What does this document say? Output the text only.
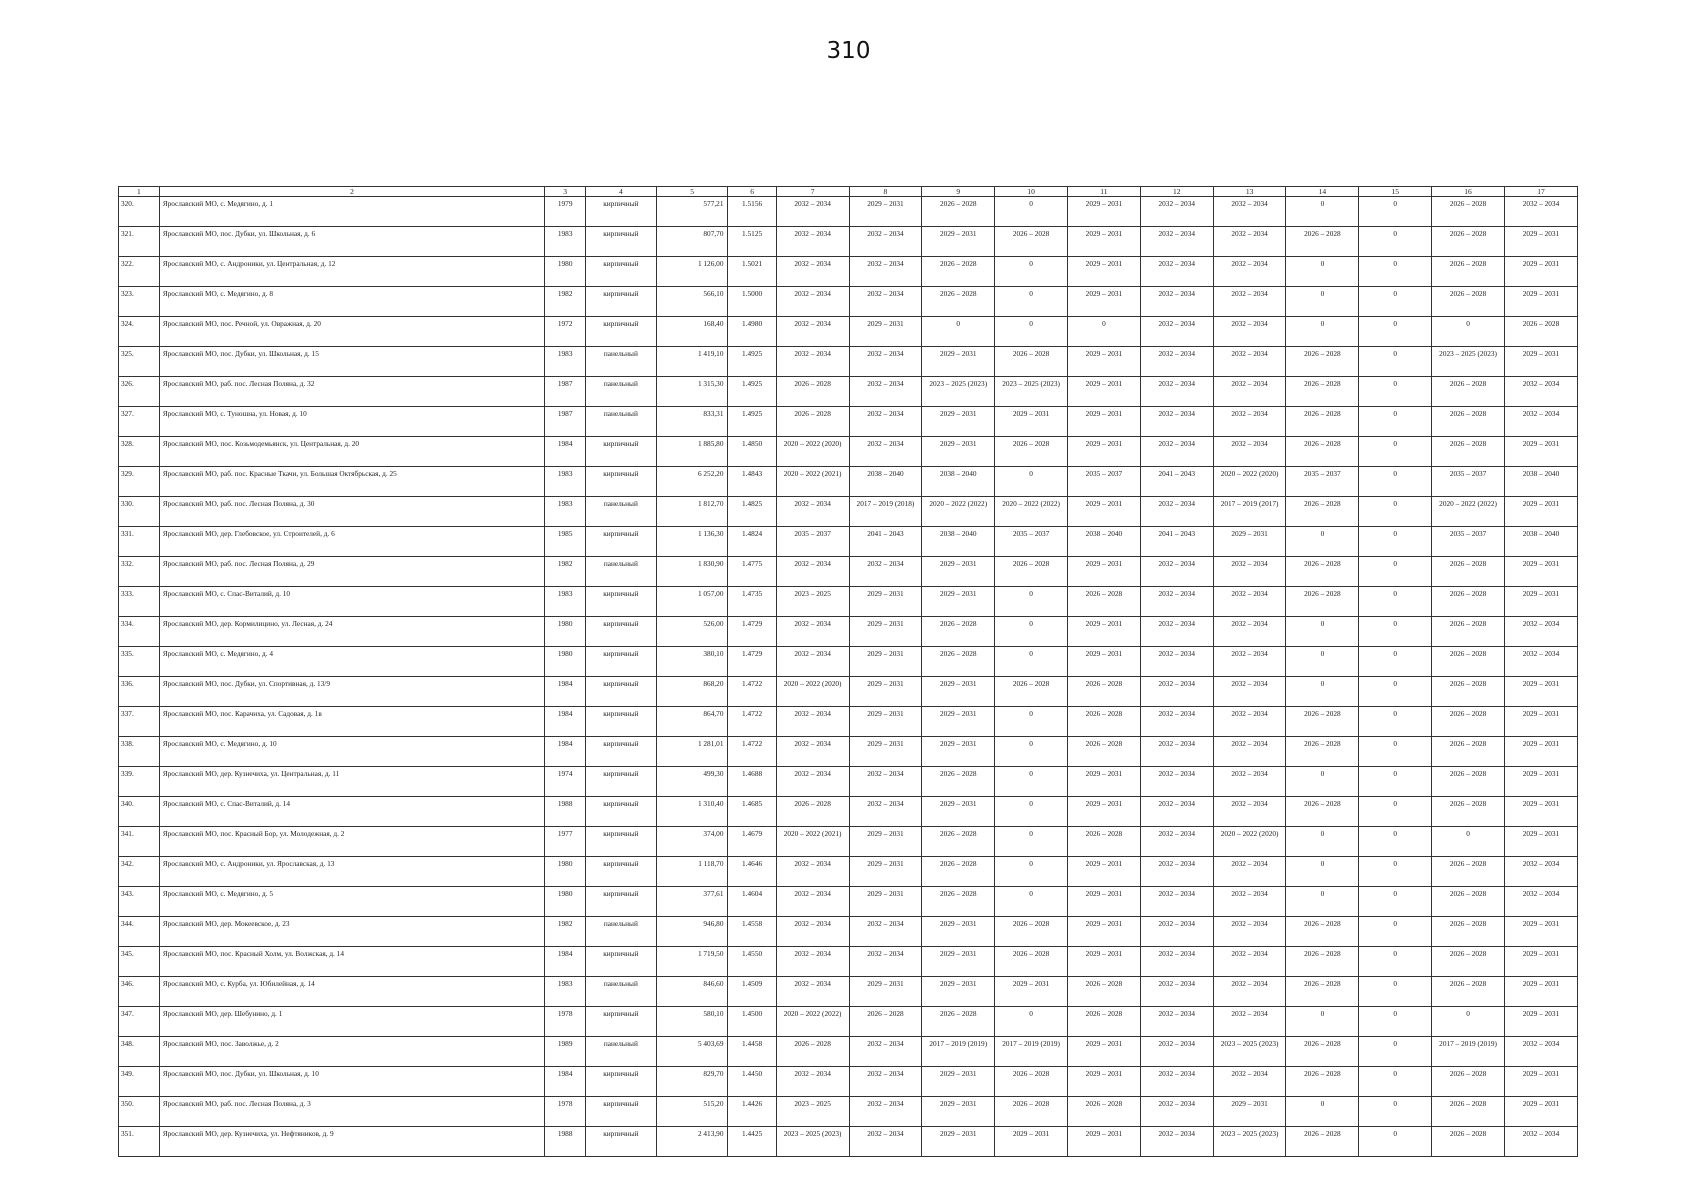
310
1	2	3	4	5	6	7	8	9	10	11	12	13	14	15	16	17
320.	Ярославский МО, с. Медягино, д. 1	1979	кирпичный	577,21	1.5156	2032 – 2034	2029 – 2031	2026 – 2028	0	2029 – 2031	2032 – 2034	2032 – 2034	0	0	2026 – 2028	2032 – 2034
321.	Ярославский МО, пос. Дубки, ул. Школьная, д. 6	1983	кирпичный	807,70	1.5125	2032 – 2034	2032 – 2034	2029 – 2031	2026 – 2028	2029 – 2031	2032 – 2034	2032 – 2034	2026 – 2028	0	2026 – 2028	2029 – 2031
322.	Ярославский МО, с. Андроники, ул. Центральная, д. 12	1980	кирпичный	1 126,00	1.5021	2032 – 2034	2032 – 2034	2026 – 2028	0	2029 – 2031	2032 – 2034	2032 – 2034	0	0	2026 – 2028	2029 – 2031
323.	Ярославский МО, с. Медягино, д. 8	1982	кирпичный	566,10	1.5000	2032 – 2034	2032 – 2034	2026 – 2028	0	2029 – 2031	2032 – 2034	2032 – 2034	0	0	2026 – 2028	2029 – 2031
324.	Ярославский МО, пос. Речной, ул. Овражная, д. 20	1972	кирпичный	168,40	1.4980	2032 – 2034	2029 – 2031	0	0	0	2032 – 2034	2032 – 2034	0	0	0	2026 – 2028
325.	Ярославский МО, пос. Дубки, ул. Школьная, д. 15	1983	панельный	1 419,10	1.4925	2032 – 2034	2032 – 2034	2029 – 2031	2026 – 2028	2029 – 2031	2032 – 2034	2032 – 2034	2026 – 2028	0	2023 – 2025 (2023)	2029 – 2031
326.	Ярославский МО, раб. пос. Лесная Поляна, д. 32	1987	панельный	1 315,30	1.4925	2026 – 2028	2032 – 2034	2023 – 2025 (2023)	2023 – 2025 (2023)	2029 – 2031	2032 – 2034	2032 – 2034	2026 – 2028	0	2026 – 2028	2032 – 2034
327.	Ярославский МО, с. Туношна, ул. Новая, д. 10	1987	панельный	833,31	1.4925	2026 – 2028	2032 – 2034	2029 – 2031	2029 – 2031	2029 – 2031	2032 – 2034	2032 – 2034	2026 – 2028	0	2026 – 2028	2032 – 2034
328.	Ярославский МО, пос. Козьмодемьянск, ул. Центральная, д. 20	1984	кирпичный	1 885,80	1.4850	2020 – 2022 (2020)	2032 – 2034	2029 – 2031	2026 – 2028	2029 – 2031	2032 – 2034	2032 – 2034	2026 – 2028	0	2026 – 2028	2029 – 2031
329.	Ярославский МО, раб. пос. Красные Ткачи, ул. Большая Октябрьская, д. 25	1983	кирпичный	6 252,20	1.4843	2020 – 2022 (2021)	2038 – 2040	2038 – 2040	0	2035 – 2037	2041 – 2043	2020 – 2022 (2020)	2035 – 2037	0	2035 – 2037	2038 – 2040
330.	Ярославский МО, раб. пос. Лесная Поляна, д. 30	1983	панельный	1 812,70	1.4825	2032 – 2034	2017 – 2019 (2018)	2020 – 2022 (2022)	2020 – 2022 (2022)	2029 – 2031	2032 – 2034	2017 – 2019 (2017)	2026 – 2028	0	2020 – 2022 (2022)	2029 – 2031
331.	Ярославский МО, дер. Глебовское, ул. Строителей, д. 6	1985	кирпичный	1 136,30	1.4824	2035 – 2037	2041 – 2043	2038 – 2040	2035 – 2037	2038 – 2040	2041 – 2043	2029 – 2031	0	0	2035 – 2037	2038 – 2040
332.	Ярославский МО, раб. пос. Лесная Поляна, д. 29	1982	панельный	1 830,90	1.4775	2032 – 2034	2032 – 2034	2029 – 2031	2026 – 2028	2029 – 2031	2032 – 2034	2032 – 2034	2026 – 2028	0	2026 – 2028	2029 – 2031
333.	Ярославский МО, с. Спас-Виталий, д. 10	1983	кирпичный	1 057,00	1.4735	2023 – 2025	2029 – 2031	2029 – 2031	0	2026 – 2028	2032 – 2034	2032 – 2034	2026 – 2028	0	2026 – 2028	2029 – 2031
334.	Ярославский МО, дер. Кормилицино, ул. Лесная, д. 24	1980	кирпичный	526,00	1.4729	2032 – 2034	2029 – 2031	2026 – 2028	0	2029 – 2031	2032 – 2034	2032 – 2034	0	0	2026 – 2028	2032 – 2034
335.	Ярославский МО, с. Медягино, д. 4	1980	кирпичный	380,10	1.4729	2032 – 2034	2029 – 2031	2026 – 2028	0	2029 – 2031	2032 – 2034	2032 – 2034	0	0	2026 – 2028	2032 – 2034
336.	Ярославский МО, пос. Дубки, ул. Спортивная, д. 13/9	1984	кирпичный	868,20	1.4722	2020 – 2022 (2020)	2029 – 2031	2029 – 2031	2026 – 2028	2026 – 2028	2032 – 2034	2032 – 2034	0	0	2026 – 2028	2029 – 2031
337.	Ярославский МО, пос. Карачиха, ул. Садовая, д. 1в	1984	кирпичный	864,70	1.4722	2032 – 2034	2029 – 2031	2029 – 2031	0	2026 – 2028	2032 – 2034	2032 – 2034	2026 – 2028	0	2026 – 2028	2029 – 2031
338.	Ярославский МО, с. Медягино, д. 10	1984	кирпичный	1 281,01	1.4722	2032 – 2034	2029 – 2031	2029 – 2031	0	2026 – 2028	2032 – 2034	2032 – 2034	2026 – 2028	0	2026 – 2028	2029 – 2031
339.	Ярославский МО, дер. Кузнечиха, ул. Центральная, д. 11	1974	кирпичный	499,30	1.4688	2032 – 2034	2032 – 2034	2026 – 2028	0	2029 – 2031	2032 – 2034	2032 – 2034	0	0	2026 – 2028	2029 – 2031
340.	Ярославский МО, с. Спас-Виталий, д. 14	1988	кирпичный	1 310,40	1.4685	2026 – 2028	2032 – 2034	2029 – 2031	0	2029 – 2031	2032 – 2034	2032 – 2034	2026 – 2028	0	2026 – 2028	2029 – 2031
341.	Ярославский МО, пос. Красный Бор, ул. Молодежная, д. 2	1977	кирпичный	374,00	1.4679	2020 – 2022 (2021)	2029 – 2031	2026 – 2028	0	2026 – 2028	2032 – 2034	2020 – 2022 (2020)	0	0	0	2029 – 2031
342.	Ярославский МО, с. Андроники, ул. Ярославская, д. 13	1980	кирпичный	1 118,70	1.4646	2032 – 2034	2029 – 2031	2026 – 2028	0	2029 – 2031	2032 – 2034	2032 – 2034	0	0	2026 – 2028	2032 – 2034
343.	Ярославский МО, с. Медягино, д. 5	1980	кирпичный	377,61	1.4604	2032 – 2034	2029 – 2031	2026 – 2028	0	2029 – 2031	2032 – 2034	2032 – 2034	0	0	2026 – 2028	2032 – 2034
344.	Ярославский МО, дер. Мокеевское, д. 23	1982	панельный	946,80	1.4558	2032 – 2034	2032 – 2034	2029 – 2031	2026 – 2028	2029 – 2031	2032 – 2034	2032 – 2034	2026 – 2028	0	2026 – 2028	2029 – 2031
345.	Ярославский МО, пос. Красный Холм, ул. Волжская, д. 14	1984	кирпичный	1 719,50	1.4550	2032 – 2034	2032 – 2034	2029 – 2031	2026 – 2028	2029 – 2031	2032 – 2034	2032 – 2034	2026 – 2028	0	2026 – 2028	2029 – 2031
346.	Ярославский МО, с. Курба, ул. Юбилейная, д. 14	1983	панельный	846,60	1.4509	2032 – 2034	2029 – 2031	2029 – 2031	2029 – 2031	2026 – 2028	2032 – 2034	2032 – 2034	2026 – 2028	0	2026 – 2028	2029 – 2031
347.	Ярославский МО, дер. Шебунино, д. 1	1978	кирпичный	580,10	1.4500	2020 – 2022 (2022)	2026 – 2028	2026 – 2028	0	2026 – 2028	2032 – 2034	2032 – 2034	0	0	0	2029 – 2031
348.	Ярославский МО, пос. Заволжье, д. 2	1989	панельный	5 403,69	1.4458	2026 – 2028	2032 – 2034	2017 – 2019 (2019)	2017 – 2019 (2019)	2029 – 2031	2032 – 2034	2023 – 2025 (2023)	2026 – 2028	0	2017 – 2019 (2019)	2032 – 2034
349.	Ярославский МО, пос. Дубки, ул. Школьная, д. 10	1984	кирпичный	829,70	1.4450	2032 – 2034	2032 – 2034	2029 – 2031	2026 – 2028	2029 – 2031	2032 – 2034	2032 – 2034	2026 – 2028	0	2026 – 2028	2029 – 2031
350.	Ярославский МО, раб. пос. Лесная Поляна, д. 3	1978	кирпичный	515,20	1.4426	2023 – 2025	2032 – 2034	2029 – 2031	2026 – 2028	2026 – 2028	2032 – 2034	2029 – 2031	0	0	2026 – 2028	2029 – 2031
351.	Ярославский МО, дер. Кузнечиха, ул. Нефтяников, д. 9	1988	кирпичный	2 413,90	1.4425	2023 – 2025 (2023)	2032 – 2034	2029 – 2031	2029 – 2031	2029 – 2031	2032 – 2034	2023 – 2025 (2023)	2026 – 2028	0	2026 – 2028	2032 – 2034
